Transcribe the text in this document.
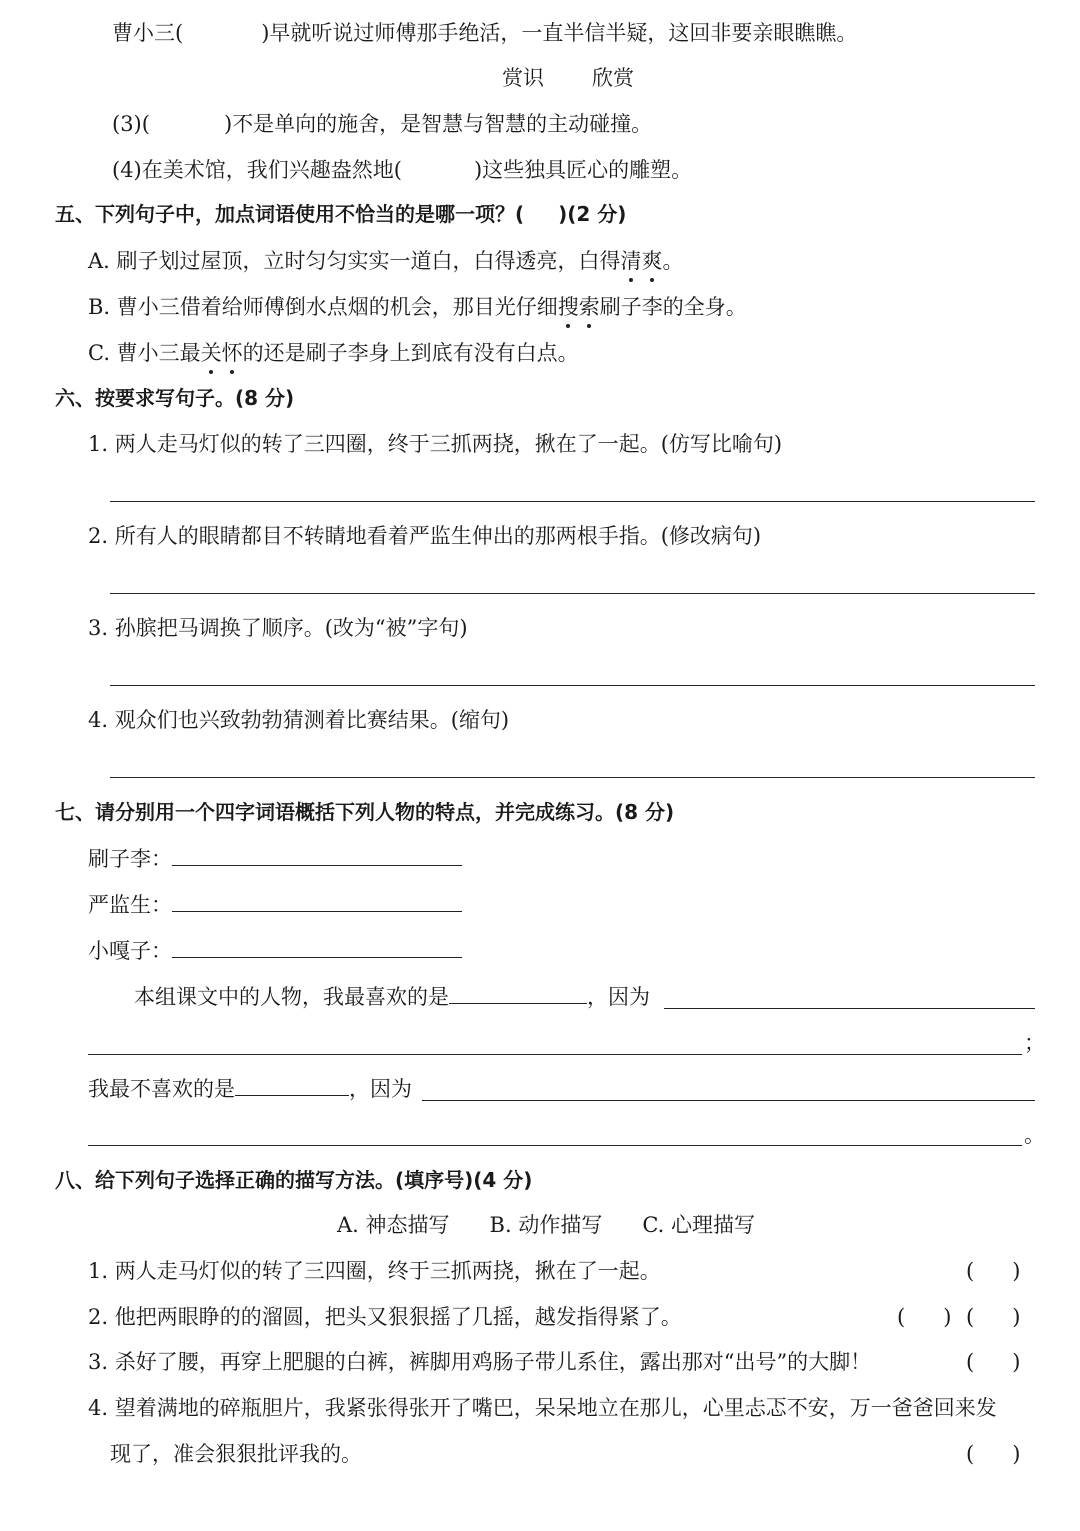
曹小三(	)早就听说过师傅那手绝活，一直半信半疑，这回非要亲眼瞧瞧。
赏识 欣赏
(3)(	)不是单向的施舍，是智慧与智慧的主动碰撞。
(4)在美术馆，我们兴趣盎然地(	)这些独具匠心的雕塑。
五、下列句子中，加点词语使用不恰当的是哪一项？( )(2 分)
A. 刷子划过屋顶，立时匀匀实实一道白，白得透亮，白得清爽。
B. 曹小三借着给师傅倒水点烟的机会，那目光仔细搜索刷子李的全身。
C. 曹小三最关怀的还是刷子李身上到底有没有白点。
六、按要求写句子。(8 分)
1. 两人走马灯似的转了三四圈，终于三抓两挠，揪在了一起。(仿写比喻句)
2. 所有人的眼睛都目不转睛地看着严监生伸出的那两根手指。(修改病句)
3. 孙膑把马调换了顺序。(改为“被”字句)
4. 观众们也兴致勃勃猜测着比赛结果。(缩句)
七、请分别用一个四字词语概括下列人物的特点，并完成练习。(8 分)
刷子李：
严监生：
小嘎子：
本组课文中的人物，我最喜欢的是	，因为
；
我最不喜欢的是	，因为
。
八、给下列句子选择正确的描写方法。(填序号)(4 分)
A. 神态描写 B. 动作描写 C. 心理描写
1. 两人走马灯似的转了三四圈，终于三抓两挠，揪在了一起。	( )
2. 他把两眼睁的的溜圆，把头又狠狠摇了几摇，越发指得紧了。	( ) ( )
3. 杀好了腰，再穿上肥腿的白裤，裤脚用鸡肠子带儿系住，露出那对“出号”的大脚！	( )
4. 望着满地的碎瓶胆片，我紧张得张开了嘴巴，呆呆地立在那儿，心里忐忑不安，万一爸爸回来发
现了，准会狠狠批评我的。	( )
